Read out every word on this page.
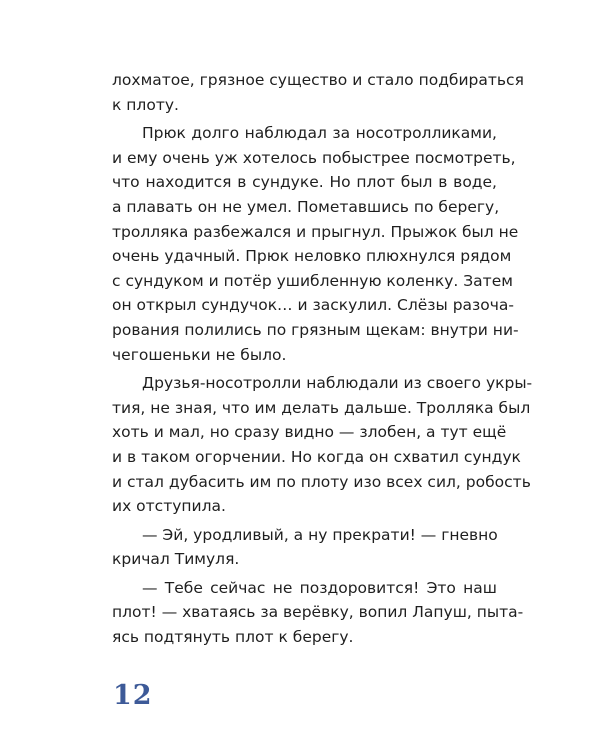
лохматое, грязное существо и стало подбираться
к плоту.
Прюк долго наблюдал за носотролликами,
и ему очень уж хотелось побыстрее посмотреть,
что находится в сундуке. Но плот был в воде,
а плавать он не умел. Пометавшись по берегу,
тролляка разбежался и прыгнул. Прыжок был не
очень удачный. Прюк неловко плюхнулся рядом
с сундуком и потёр ушибленную коленку. Затем
он открыл сундучок… и заскулил. Слёзы разоча-
рования полились по грязным щекам: внутри ни-
чегошеньки не было.
Друзья-носотролли наблюдали из своего укры-
тия, не зная, что им делать дальше. Тролляка был
хоть и мал, но сразу видно — злобен, а тут ещё
и в таком огорчении. Но когда он схватил сундук
и стал дубасить им по плоту изо всех сил, робость
их отступила.
— Эй, уродливый, а ну прекрати! — гневно
кричал Тимуля.
— Тебе сейчас не поздоровится! Это наш
плот! — хватаясь за верёвку, вопил Лапуш, пыта-
ясь подтянуть плот к берегу.
12
